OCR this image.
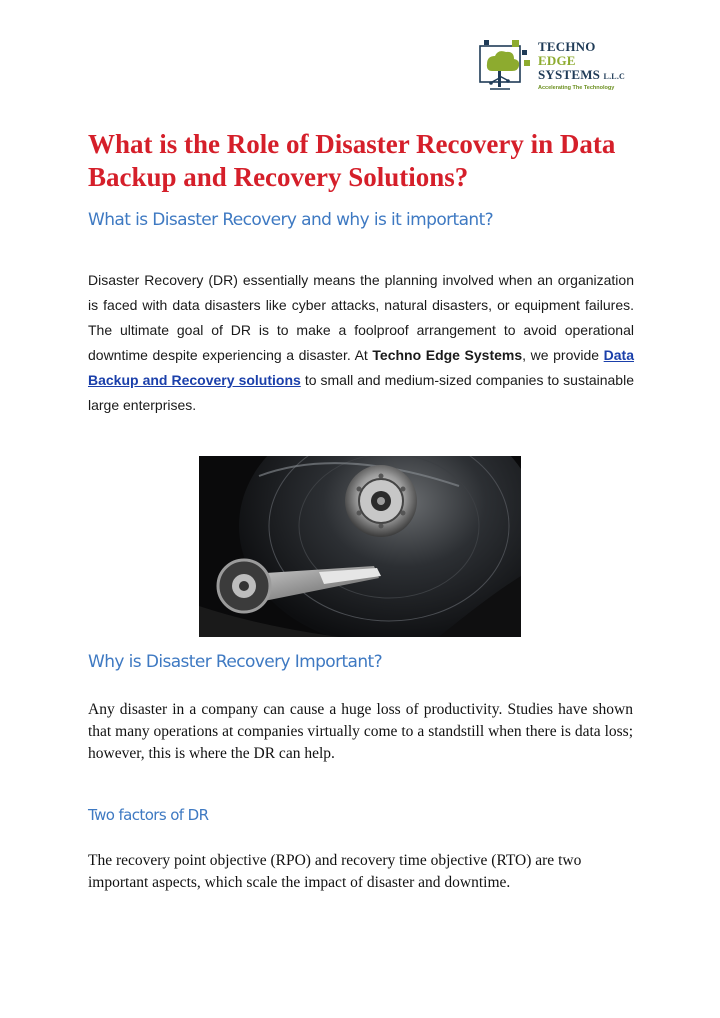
TECHNO
EDGE
SYSTEMS L.L.C
Accelerating The Technology
What is the Role of Disaster Recovery in Data Backup and Recovery Solutions?
What is Disaster Recovery and why is it important?

Disaster Recovery (DR) essentially means the planning involved when an organization is faced with data disasters like cyber attacks, natural disasters, or equipment failures. The ultimate goal of DR is to make a foolproof arrangement to avoid operational downtime despite experiencing a disaster. At Techno Edge Systems, we provide Data Backup and Recovery solutions to small and medium-sized companies to sustainable large enterprises.

Why is Disaster Recovery Important?

Any disaster in a company can cause a huge loss of productivity. Studies have shown that many operations at companies virtually come to a standstill when there is data loss; however, this is where the DR can help.

Two factors of DR

The recovery point objective (RPO) and recovery time objective (RTO) are two important aspects, which scale the impact of disaster and downtime.
